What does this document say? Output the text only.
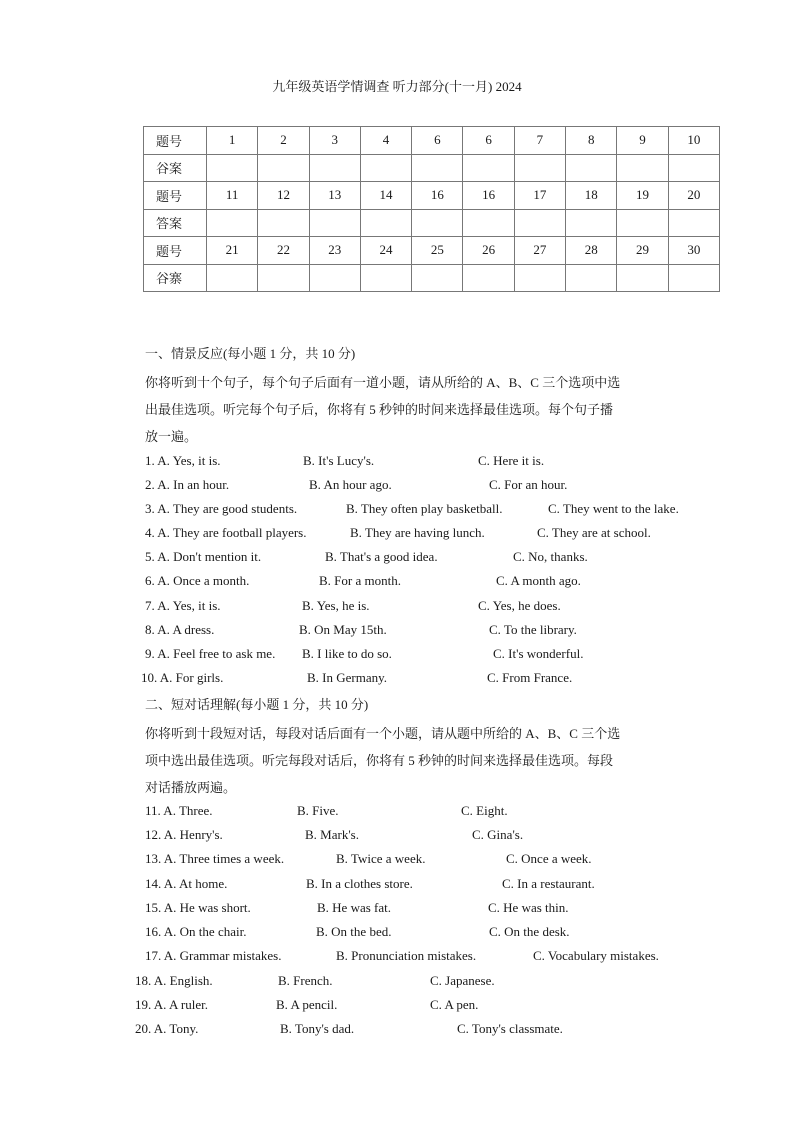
九年级英语学情调查 听力部分(十一月) 2024
题号	1	2	3	4	6	6	7	8	9	10
谷案										
题号	11	12	13	14	16	16	17	18	19	20
答案										
题号	21	22	23	24	25	26	27	28	29	30
谷寨										
一、情景反应(每小题 1 分，共 10 分)
你将听到十个句子，每个句子后面有一道小题，请从所给的 A、B、C 三个选项中选
出最佳选项。听完每个句子后，你将有 5 秒钟的时间来选择最佳选项。每个句子播
放一遍。
1. A. Yes, it is.	B. It's Lucy's.	C. Here it is.
2. A. In an hour.	B. An hour ago.	C. For an hour.
3. A. They are good students.	B. They often play basketball.	C. They went to the lake.
4. A. They are football players.	B. They are having lunch.	C. They are at school.
5. A. Don't mention it.	B. That's a good idea.	C. No, thanks.
6. A. Once a month.	B. For a month.	C. A month ago.
7. A. Yes, it is.	B. Yes, he is.	C. Yes, he does.
8. A. A dress.	B. On May 15th.	C. To the library.
9. A. Feel free to ask me. B. I like to do so.	C. It's wonderful.
10. A. For girls.	B. In Germany.	C. From France.
二、短对话理解(每小题 1 分，共 10 分)
你将听到十段短对话，每段对话后面有一个小题，请从题中所给的 A、B、C 三个选
项中选出最佳选项。听完每段对话后，你将有 5 秒钟的时间来选择最佳选项。每段
对话播放两遍。
11. A. Three.	B. Five.	C. Eight.
12. A. Henry's.	B. Mark's.	C. Gina's.
13. A. Three times a week.	B. Twice a week.	C. Once a week.
14. A. At home.	B. In a clothes store.	C. In a restaurant.
15. A. He was short.	B. He was fat.	C. He was thin.
16. A. On the chair.	B. On the bed.	C. On the desk.
17. A. Grammar mistakes.	B. Pronunciation mistakes.	C. Vocabulary mistakes.
18. A. English.	B. French.	C. Japanese.
19. A. A ruler.	B. A pencil.	C. A pen.
20. A. Tony.	B. Tony's dad.	C. Tony's classmate.
